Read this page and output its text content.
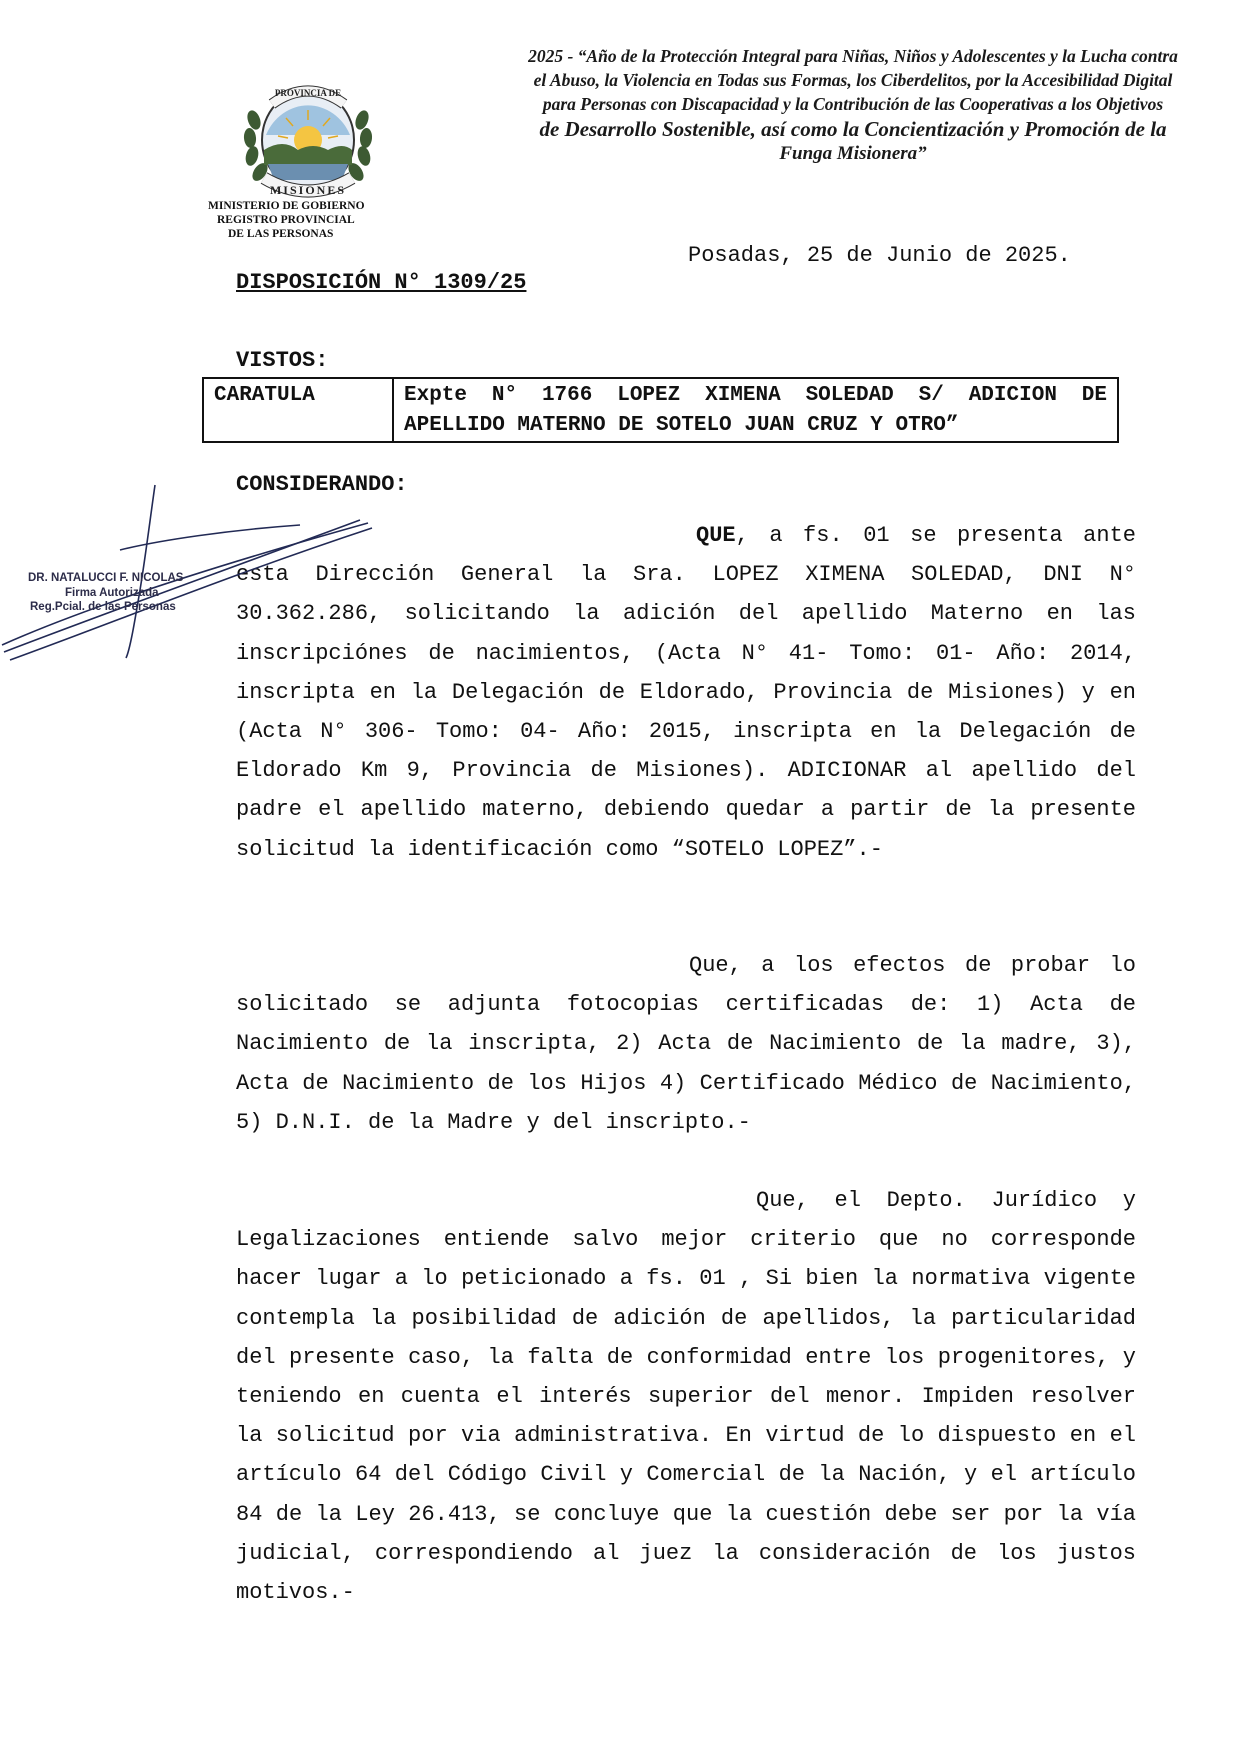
2025 - “Año de la Protección Integral para Niñas, Niños y Adolescentes y la Lucha contra
el Abuso, la Violencia en Todas sus Formas, los Ciberdelitos, por la Accesibilidad Digital
para Personas con Discapacidad y la Contribución de las Cooperativas a los Objetivos
de Desarrollo Sostenible, así como la Concientización y Promoción de la
Funga Misionera”
PROVINCIA DE
MISIONES
MINISTERIO DE GOBIERNO
REGISTRO PROVINCIAL
DE LAS PERSONAS
Posadas, 25 de Junio de 2025.
DISPOSICIÓN N° 1309/25
VISTOS:
CARATULA	Expte N° 1766 LOPEZ XIMENA SOLEDAD S/ ADICION DE
APELLIDO MATERNO DE SOTELO JUAN CRUZ Y OTRO”
CONSIDERANDO:
QUE, a fs. 01 se presenta ante esta Dirección General la Sra. LOPEZ XIMENA SOLEDAD, DNI N° 30.362.286, solicitando la adición del apellido Materno en las inscripciónes de nacimientos, (Acta N° 41- Tomo: 01- Año: 2014, inscripta en la Delegación de Eldorado, Provincia de Misiones) y en (Acta N° 306- Tomo: 04- Año: 2015, inscripta en la Delegación de Eldorado Km 9, Provincia de Misiones). ADICIONAR al apellido del padre el apellido materno, debiendo quedar a partir de la presente solicitud la identificación como “SOTELO LOPEZ”.-
Que, a los efectos de probar lo solicitado se adjunta fotocopias certificadas de: 1) Acta de Nacimiento de la inscripta, 2) Acta de Nacimiento de la madre, 3), Acta de Nacimiento de los Hijos 4) Certificado Médico de Nacimiento, 5) D.N.I. de la Madre y del inscripto.-
Que, el Depto. Jurídico y Legalizaciones entiende salvo mejor criterio que no corresponde hacer lugar a lo peticionado a fs. 01 , Si bien la normativa vigente contempla la posibilidad de adición de apellidos, la particularidad del presente caso, la falta de conformidad entre los progenitores, y teniendo en cuenta el interés superior del menor. Impiden resolver la solicitud por via administrativa. En virtud de lo dispuesto en el artículo 64 del Código Civil y Comercial de la Nación, y el artículo 84 de la Ley 26.413, se concluye que la cuestión debe ser por la vía judicial, correspondiendo al juez la consideración de los justos motivos.-
DR. NATALUCCI F. NICOLAS
Firma Autorizada
Reg.Pcial. de las Personas
